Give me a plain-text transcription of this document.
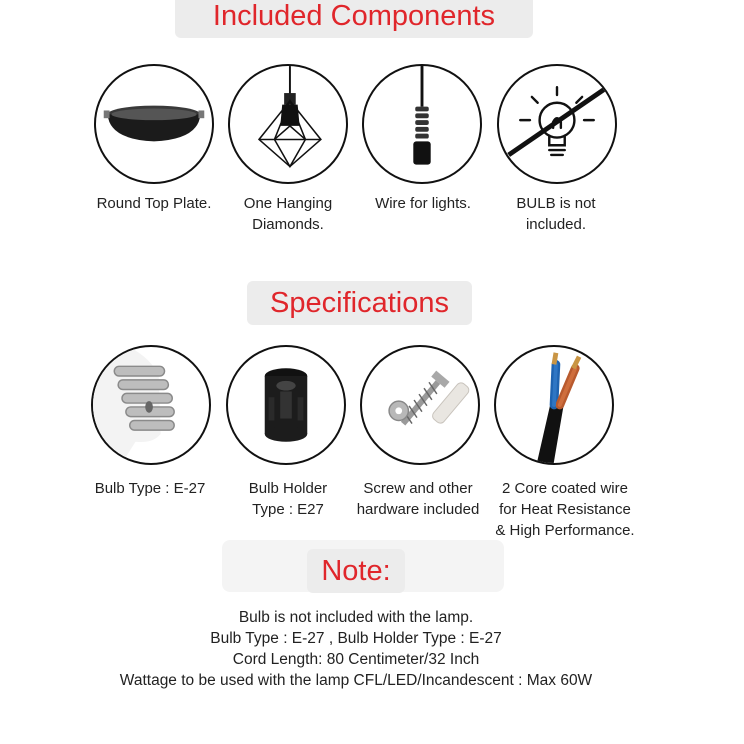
Included Components
Round Top Plate.	One Hanging
Diamonds.
Wire for lights.	BULB is not
included.
Specifications
Bulb Type : E-27	Bulb Holder
Type : E27
Screw and other
hardware included
2 Core coated wire
for Heat Resistance
& High Performance.
Note:
Bulb is not included with the lamp.
Bulb Type : E-27 , Bulb Holder Type : E-27
Cord Length: 80 Centimeter/32 Inch
Wattage to be used with the lamp CFL/LED/Incandescent : Max 60W
